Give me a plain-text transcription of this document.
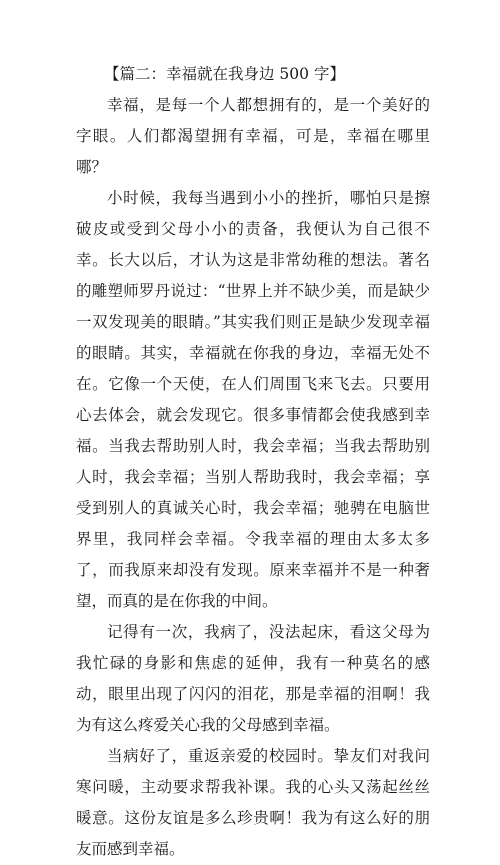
【篇二：幸福就在我身边 500 字】

幸福，是每一个人都想拥有的，是一个美好的字眼。人们都渴望拥有幸福，可是，幸福在哪里哪？

小时候，我每当遇到小小的挫折，哪怕只是擦破皮或受到父母小小的责备，我便认为自己很不幸。长大以后，才认为这是非常幼稚的想法。著名的雕塑师罗丹说过：“世界上并不缺少美，而是缺少一双发现美的眼睛。”其实我们则正是缺少发现幸福的眼睛。其实，幸福就在你我的身边，幸福无处不在。它像一个天使，在人们周围飞来飞去。只要用心去体会，就会发现它。很多事情都会使我感到幸福。当我去帮助别人时，我会幸福；当我去帮助别人时，我会幸福；当别人帮助我时，我会幸福；享受到别人的真诚关心时，我会幸福；驰骋在电脑世界里，我同样会幸福。令我幸福的理由太多太多了，而我原来却没有发现。原来幸福并不是一种奢望，而真的是在你我的中间。

记得有一次，我病了，没法起床，看这父母为我忙碌的身影和焦虑的延伸，我有一种莫名的感动，眼里出现了闪闪的泪花，那是幸福的泪啊！我为有这么疼爱关心我的父母感到幸福。

当病好了，重返亲爱的校园时。挚友们对我问寒问暖，主动要求帮我补课。我的心头又荡起丝丝暖意。这份友谊是多么珍贵啊！我为有这么好的朋友而感到幸福。
